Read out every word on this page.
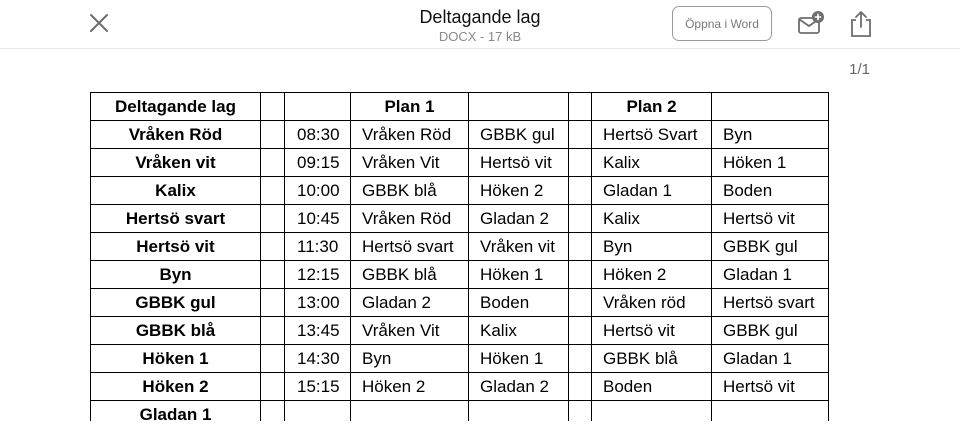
Deltagande lag
DOCX - 17 kB
Öppna i Word
1/1
Deltagande lag			Plan 1			Plan 2	
Vråken Röd		08:30	Vråken Röd	GBBK gul		Hertsö Svart	Byn
Vråken vit		09:15	Vråken Vit	Hertsö vit		Kalix	Höken 1
Kalix		10:00	GBBK blå	Höken 2		Gladan 1	Boden
Hertsö svart		10:45	Vråken Röd	Gladan 2		Kalix	Hertsö vit
Hertsö vit		11:30	Hertsö svart	Vråken vit		Byn	GBBK gul
Byn		12:15	GBBK blå	Höken 1		Höken 2	Gladan 1
GBBK gul		13:00	Gladan 2	Boden		Vråken röd	Hertsö svart
GBBK blå		13:45	Vråken Vit	Kalix		Hertsö vit	GBBK gul
Höken 1		14:30	Byn	Höken 1		GBBK blå	Gladan 1
Höken 2		15:15	Höken 2	Gladan 2		Boden	Hertsö vit
Gladan 1							
